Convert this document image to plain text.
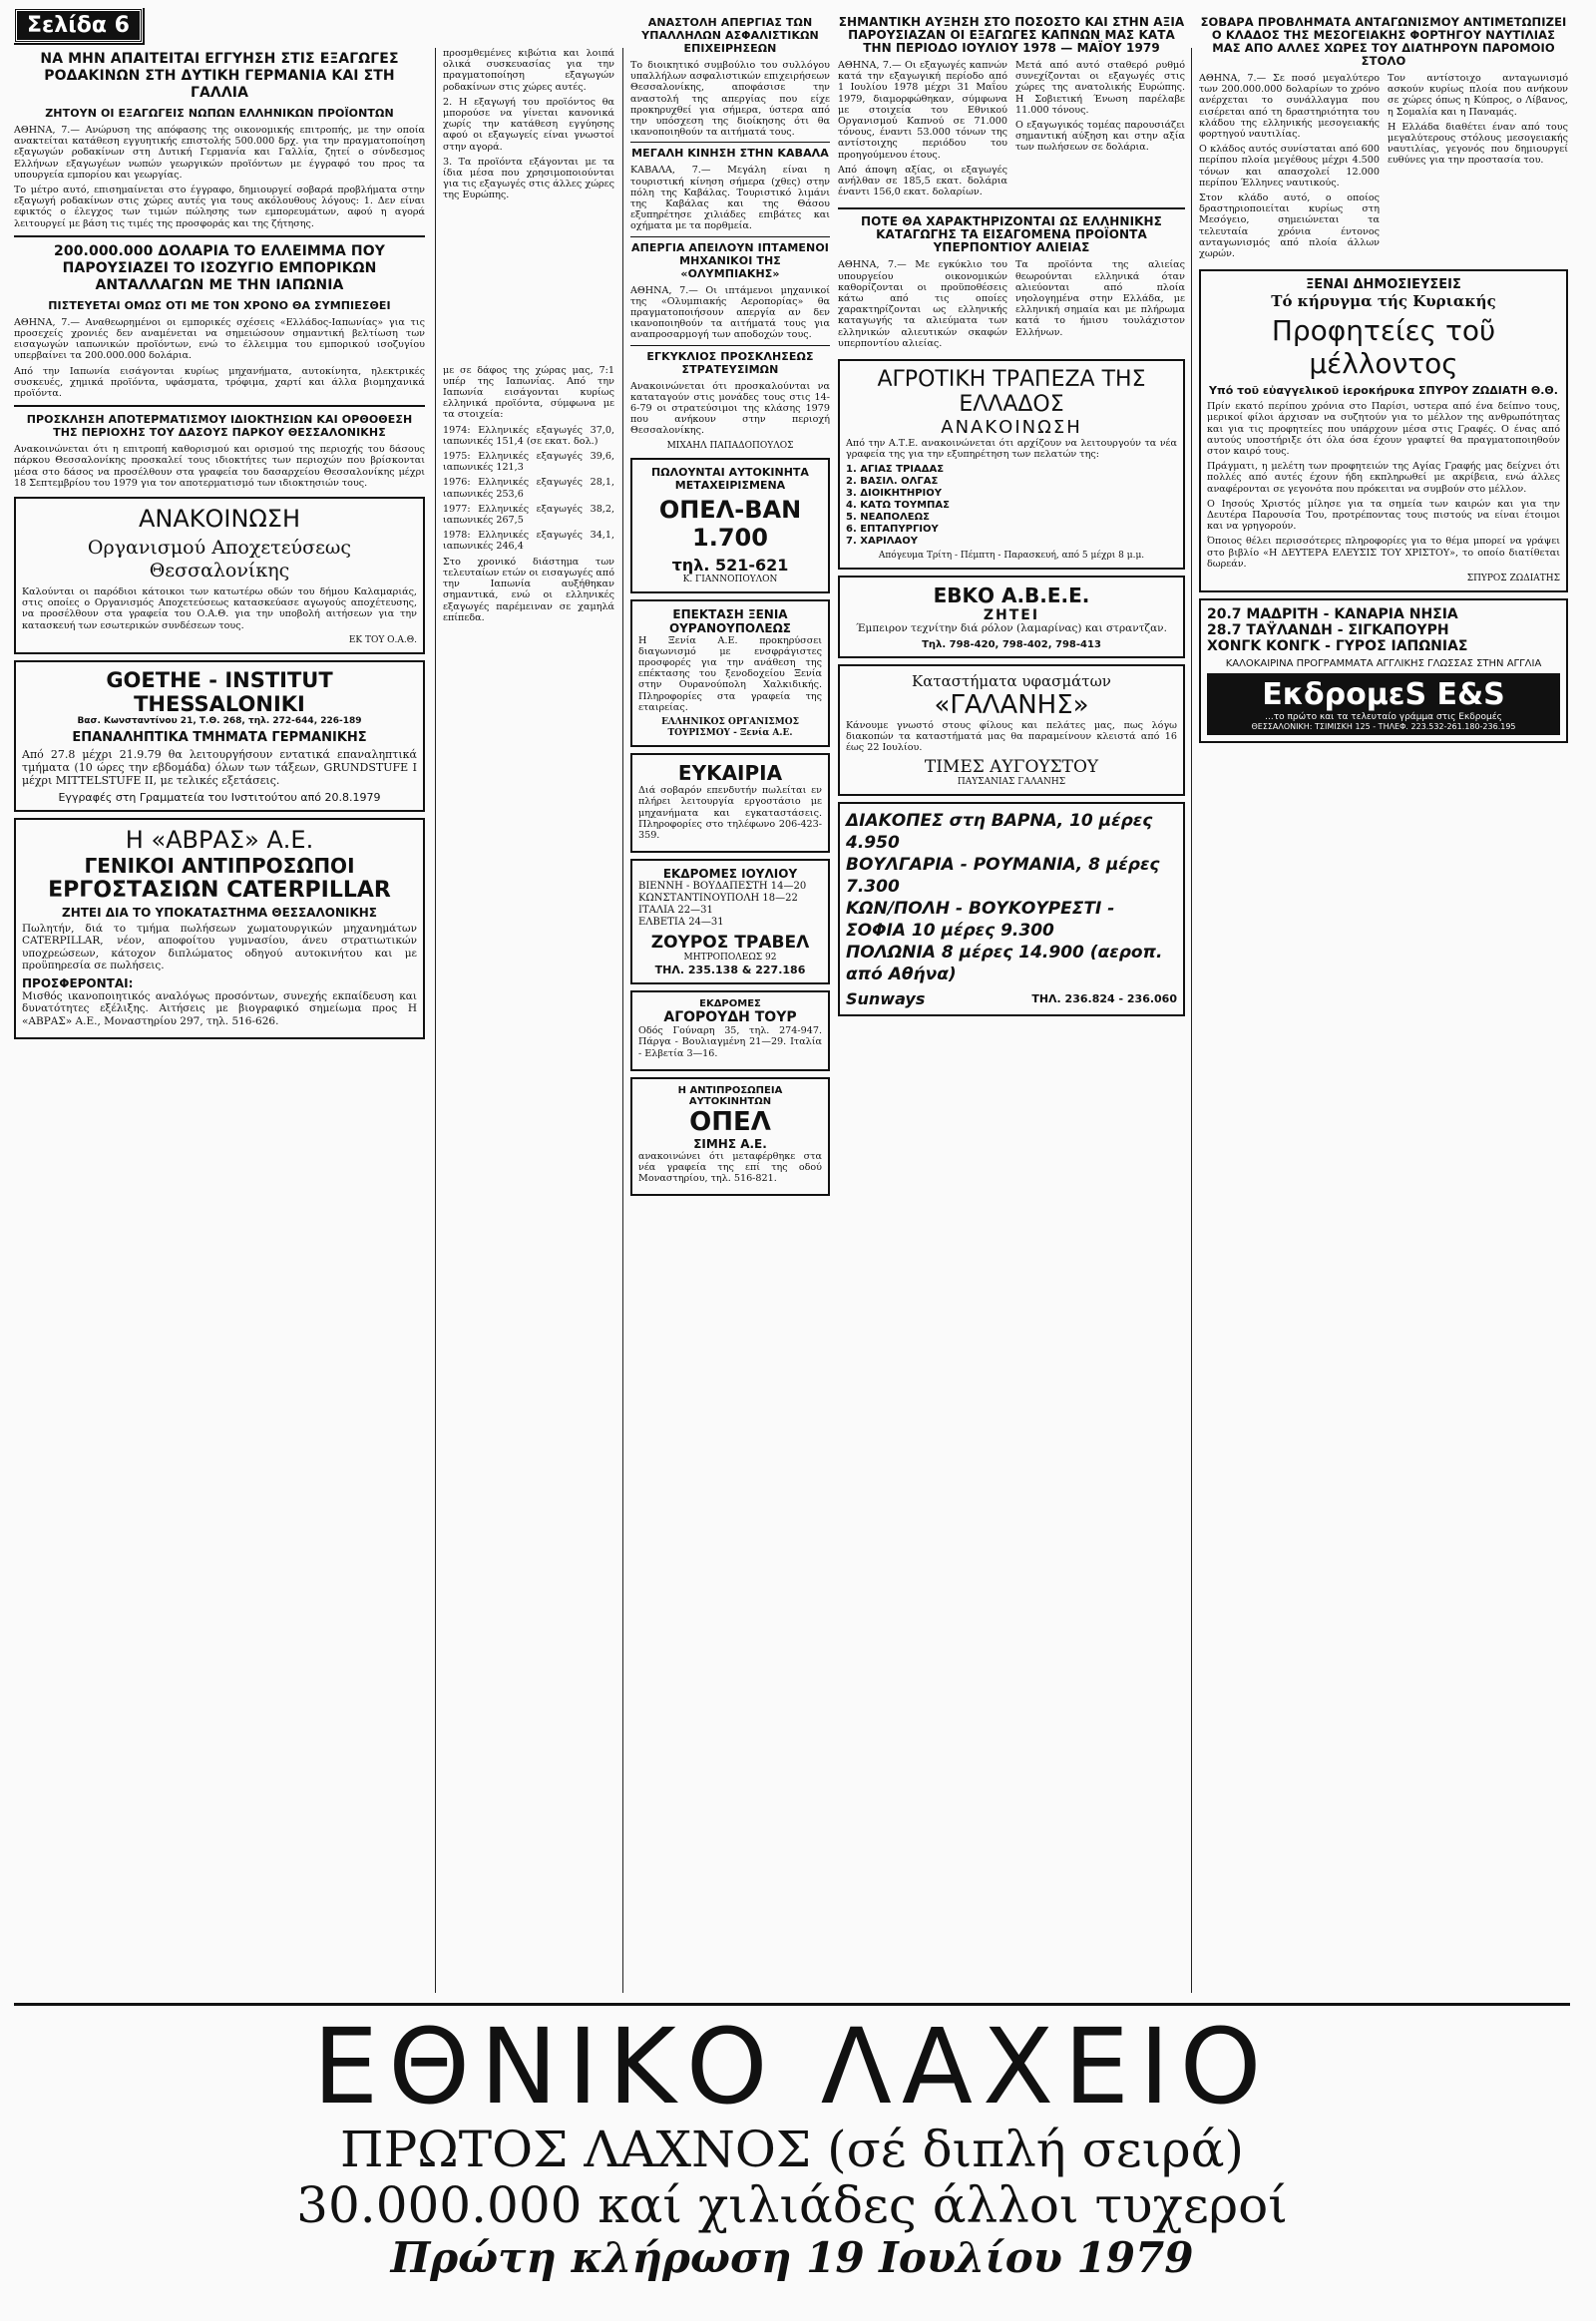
Σελίδα 6
ΝΑ ΜΗΝ ΑΠΑΙΤΕΙΤΑΙ ΕΓΓΥΗΣΗ ΣΤΙΣ ΕΞΑΓΩΓΕΣ ΡΟΔΑΚΙΝΩΝ ΣΤΗ ΔΥΤΙΚΗ ΓΕΡΜΑΝΙΑ ΚΑΙ ΣΤΗ ΓΑΛΛΙΑ
ΖΗΤΟΥΝ ΟΙ ΕΞΑΓΩΓΕΙΣ ΝΩΠΩΝ ΕΛΛΗΝΙΚΩΝ ΠΡΟΪΟΝΤΩΝ

ΑΘΗΝΑ, 7.— Ανώρυση της απόφασης της οικονομικής επιτροπής, με την οποία ανακτείται κατάθεση εγγυητικής επιστολής 500.000 δρχ. για την πραγματοποίηση εξαγωγών ροδακίνων στη Δυτική Γερμανία και Γαλλία, ζητεί ο σύνδεσμος Ελλήνων εξαγωγέων νωπών γεωργικών προϊόντων με έγγραφό του προς τα υπουργεία εμπορίου και γεωργίας.

Το μέτρο αυτό, επισημαίνεται στο έγγραφο, δημιουργεί σοβαρά προβλήματα στην εξαγωγή ροδακίνων στις χώρες αυτές για τους ακόλουθους λόγους: 1. Δεν είναι εφικτός ο έλεγχος των τιμών πώλησης των εμπορευμάτων, αφού η αγορά λειτουργεί με βάση τις τιμές της προσφοράς και της ζήτησης.

200.000.000 ΔΟΛΑΡΙΑ ΤΟ ΕΛΛΕΙΜΜΑ ΠΟΥ ΠΑΡΟΥΣΙΑΖΕΙ ΤΟ ΙΣΟΖΥΓΙΟ ΕΜΠΟΡΙΚΩΝ ΑΝΤΑΛΛΑΓΩΝ ΜΕ ΤΗΝ ΙΑΠΩΝΙΑ
ΠΙΣΤΕΥΕΤΑΙ ΟΜΩΣ ΟΤΙ ΜΕ ΤΟΝ ΧΡΟΝΟ ΘΑ ΣΥΜΠΙΕΣΘΕΙ

ΑΘΗΝΑ, 7.— Αναθεωρημένοι οι εμπορικές σχέσεις «Ελλάδος-Ιαπωνίας» για τις προσεχείς χρονιές δεν αναμένεται να σημειώσουν σημαντική βελτίωση των εισαγωγών ιαπωνικών προϊόντων, ενώ το έλλειμμα του εμπορικού ισοζυγίου υπερβαίνει τα 200.000.000 δολάρια.

Από την Ιαπωνία εισάγονται κυρίως μηχανήματα, αυτοκίνητα, ηλεκτρικές συσκευές, χημικά προϊόντα, υφάσματα, τρόφιμα, χαρτί και άλλα βιομηχανικά προϊόντα.

ΠΡΟΣΚΛΗΣΗ ΑΠΟΤΕΡΜΑΤΙΣΜΟΥ ΙΔΙΟΚΤΗΣΙΩΝ ΚΑΙ ΟΡΘΟΘΕΣΗ ΤΗΣ ΠΕΡΙΟΧΗΣ ΤΟΥ ΔΑΣΟΥΣ ΠΑΡΚΟΥ ΘΕΣΣΑΛΟΝΙΚΗΣ

Ανακοινώνεται ότι η επιτροπή καθορισμού και ορισμού της περιοχής του δάσους πάρκου Θεσσαλονίκης προσκαλεί τους ιδιοκτήτες των περιοχών που βρίσκονται μέσα στο δάσος να προσέλθουν στα γραφεία του δασαρχείου Θεσσαλονίκης μέχρι 18 Σεπτεμβρίου του 1979 για τον αποτερματισμό των ιδιοκτησιών τους.

ΑΝΑΚΟΙΝΩΣΗ
Οργανισμού Αποχετεύσεως Θεσσαλονίκης

Καλούνται οι παρόδιοι κάτοικοι των κατωτέρω οδών του δήμου Καλαμαριάς, στις οποίες ο Οργανισμός Αποχετεύσεως κατασκεύασε αγωγούς αποχέτευσης, να προσέλθουν στα γραφεία του Ο.Α.Θ. για την υποβολή αιτήσεων για την κατασκευή των εσωτερικών συνδέσεων τους.

ΕΚ ΤΟΥ Ο.Α.Θ.
GOETHE - INSTITUT THESSALONIKI
Βασ. Κωνσταντίνου 21, Τ.Θ. 268, τηλ. 272-644, 226-189
ΕΠΑΝΑΛΗΠΤΙΚΑ ΤΜΗΜΑΤΑ ΓΕΡΜΑΝΙΚΗΣ

Από 27.8 μέχρι 21.9.79 θα λειτουργήσουν εντατικά επαναληπτικά τμήματα (10 ώρες την εβδομάδα) όλων των τάξεων, GRUNDSTUFE I μέχρι MITTELSTUFE II, με τελικές εξετάσεις.

Εγγραφές στη Γραμματεία του Ινστιτούτου από 20.8.1979
Η «ΑΒΡΑΣ» Α.Ε.
ΓΕΝΙΚΟΙ ΑΝΤΙΠΡΟΣΩΠΟΙ
ΕΡΓΟΣΤΑΣΙΩΝ CATERPILLAR
ΖΗΤΕΙ ΔΙΑ ΤΟ ΥΠΟΚΑΤΑΣΤΗΜΑ ΘΕΣΣΑΛΟΝΙΚΗΣ

Πωλητήν, διά το τμήμα πωλήσεων χωματουργικών μηχανημάτων CATERPILLAR, νέον, αποφοίτου γυμνασίου, άνευ στρατιωτικών υποχρεώσεων, κάτοχον διπλώματος οδηγού αυτοκινήτου και με προϋπηρεσία σε πωλήσεις.

ΠΡΟΣΦΕΡΟΝΤΑΙ:

Μισθός ικανοποιητικός αναλόγως προσόντων, συνεχής εκπαίδευση και δυνατότητες εξέλιξης. Αιτήσεις με βιογραφικό σημείωμα προς Η «ΑΒΡΑΣ» Α.Ε., Μοναστηρίου 297, τηλ. 516-626.

προσμθεμένες κιβώτια και λοιπά ολικά συσκευασίας για την πραγματοποίηση εξαγωγών ροδακίνων στις χώρες αυτές.

2. Η εξαγωγή του προϊόντος θα μπορούσε να γίνεται κανονικά χωρίς την κατάθεση εγγύησης αφού οι εξαγωγείς είναι γνωστοί στην αγορά.

3. Τα προϊόντα εξάγονται με τα ίδια μέσα που χρησιμοποιούνται για τις εξαγωγές στις άλλες χώρες της Ευρώπης.

με σε δάφος της χώρας μας, 7:1 υπέρ της Ιαπωνίας. Από την Ιαπωνία εισάγονται κυρίως ελληνικά προϊόντα, σύμφωνα με τα στοιχεία:

1974: Ελληνικές εξαγωγές 37,0, ιαπωνικές 151,4 (σε εκατ. δολ.)

1975: Ελληνικές εξαγωγές 39,6, ιαπωνικές 121,3

1976: Ελληνικές εξαγωγές 28,1, ιαπωνικές 253,6

1977: Ελληνικές εξαγωγές 38,2, ιαπωνικές 267,5

1978: Ελληνικές εξαγωγές 34,1, ιαπωνικές 246,4

Στο χρονικό διάστημα των τελευταίων ετών οι εισαγωγές από την Ιαπωνία αυξήθηκαν σημαντικά, ενώ οι ελληνικές εξαγωγές παρέμειναν σε χαμηλά επίπεδα.

ΑΝΑΣΤΟΛΗ ΑΠΕΡΓΙΑΣ ΤΩΝ ΥΠΑΛΛΗΛΩΝ ΑΣΦΑΛΙΣΤΙΚΩΝ ΕΠΙΧΕΙΡΗΣΕΩΝ

Το διοικητικό συμβούλιο του συλλόγου υπαλλήλων ασφαλιστικών επιχειρήσεων Θεσσαλονίκης, αποφάσισε την αναστολή της απεργίας που είχε προκηρυχθεί για σήμερα, ύστερα από την υπόσχεση της διοίκησης ότι θα ικανοποιηθούν τα αιτήματά τους.

ΜΕΓΑΛΗ ΚΙΝΗΣΗ ΣΤΗΝ ΚΑΒΑΛΑ

ΚΑΒΑΛΑ, 7.— Μεγάλη είναι η τουριστική κίνηση σήμερα (χθες) στην πόλη της Καβάλας. Τουριστικό λιμάνι της Καβάλας και της Θάσου εξυπηρέτησε χιλιάδες επιβάτες και οχήματα με τα πορθμεία.

ΑΠΕΡΓΙΑ ΑΠΕΙΛΟΥΝ ΙΠΤΑΜΕΝΟΙ ΜΗΧΑΝΙΚΟΙ ΤΗΣ «ΟΛΥΜΠΙΑΚΗΣ»

ΑΘΗΝΑ, 7.— Οι ιπτάμενοι μηχανικοί της «Ολυμπιακής Αεροπορίας» θα πραγματοποιήσουν απεργία αν δεν ικανοποιηθούν τα αιτήματά τους για αναπροσαρμογή των αποδοχών τους.

ΕΓΚΥΚΛΙΟΣ ΠΡΟΣΚΛΗΣΕΩΣ ΣΤΡΑΤΕΥΣΙΜΩΝ

Ανακοινώνεται ότι προσκαλούνται να καταταγούν στις μονάδες τους στις 14-6-79 οι στρατεύσιμοι της κλάσης 1979 που ανήκουν στην περιοχή Θεσσαλονίκης.

ΜΙΧΑΗΛ ΠΑΠΑΔΟΠΟΥΛΟΣ
ΠΩΛΟΥΝΤΑΙ ΑΥΤΟΚΙΝΗΤΑ ΜΕΤΑΧΕΙΡΙΣΜΕΝΑ
ΟΠΕΛ-ΒΑΝ 1.700
τηλ. 521-621
Κ. ΓΙΑΝΝΟΠΟΥΛΟΝ
ΕΠΕΚΤΑΣΗ ΞΕΝΙΑ ΟΥΡΑΝΟΥΠΟΛΕΩΣ

Η Ξενία Α.Ε. προκηρύσσει διαγωνισμό με ενσφράγιστες προσφορές για την ανάθεση της επέκτασης του ξενοδοχείου Ξενία στην Ουρανούπολη Χαλκιδικής. Πληροφορίες στα γραφεία της εταιρείας.

ΕΛΛΗΝΙΚΟΣ ΟΡΓΑΝΙΣΜΟΣ ΤΟΥΡΙΣΜΟΥ - Ξενία Α.Ε.
ΕΥΚΑΙΡΙΑ

Διά σοβαρόν επενδυτήν πωλείται εν πλήρει λειτουργία εργοστάσιο με μηχανήματα και εγκαταστάσεις. Πληροφορίες στο τηλέφωνο 206-423-359.

ΕΚΔΡΟΜΕΣ ΙΟΥΛΙΟΥ
ΒΙΕΝΝΗ - ΒΟΥΔΑΠΕΣΤΗ 14—20
ΚΩΝΣΤΑΝΤΙΝΟΥΠΟΛΗ 18—22
ΙΤΑΛΙΑ 22—31
ΕΛΒΕΤΙΑ 24—31
ΖΟΥΡΟΣ ΤΡΑΒΕΛ
ΜΗΤΡΟΠΟΛΕΩΣ 92
ΤΗΛ. 235.138 & 227.186
ΕΚΔΡΟΜΕΣ
ΑΓΟΡΟΥΔΗ ΤΟΥΡ

Οδός Γούναρη 35, τηλ. 274-947. Πάργα - Βουλιαγμένη 21—29. Ιταλία - Ελβετία 3—16.

Η ΑΝΤΙΠΡΟΣΩΠΕΙΑ ΑΥΤΟΚΙΝΗΤΩΝ
ΟΠΕΛ
ΣΙΜΗΣ Α.Ε.

ανακοινώνει ότι μεταφέρθηκε στα νέα γραφεία της επί της οδού Μοναστηρίου, τηλ. 516-821.

ΣΗΜΑΝΤΙΚΗ ΑΥΞΗΣΗ ΣΤΟ ΠΟΣΟΣΤΟ ΚΑΙ ΣΤΗΝ ΑΞΙΑ ΠΑΡΟΥΣΙΑΖΑΝ ΟΙ ΕΞΑΓΩΓΕΣ ΚΑΠΝΩΝ ΜΑΣ ΚΑΤΑ ΤΗΝ ΠΕΡΙΟΔΟ ΙΟΥΛΙΟΥ 1978 — ΜΑΪΟΥ 1979

ΑΘΗΝΑ, 7.— Οι εξαγωγές καπνών κατά την εξαγωγική περίοδο από 1 Ιουλίου 1978 μέχρι 31 Μαΐου 1979, διαμορφώθηκαν, σύμφωνα με στοιχεία του Εθνικού Οργανισμού Καπνού σε 71.000 τόνους, έναντι 53.000 τόνων της αντίστοιχης περιόδου του προηγούμενου έτους.

Από άποψη αξίας, οι εξαγωγές ανήλθαν σε 185,5 εκατ. δολάρια έναντι 156,0 εκατ. δολαρίων.

Μετά από αυτό σταθερό ρυθμό συνεχίζονται οι εξαγωγές στις χώρες της ανατολικής Ευρώπης. Η Σοβιετική Ένωση παρέλαβε 11.000 τόνους.

Ο εξαγωγικός τομέας παρουσιάζει σημαντική αύξηση και στην αξία των πωλήσεων σε δολάρια.

ΠΟΤΕ ΘΑ ΧΑΡΑΚΤΗΡΙΖΟΝΤΑΙ ΩΣ ΕΛΛΗΝΙΚΗΣ ΚΑΤΑΓΩΓΗΣ ΤΑ ΕΙΣΑΓΟΜΕΝΑ ΠΡΟΪΟΝΤΑ ΥΠΕΡΠΟΝΤΙΟΥ ΑΛΙΕΙΑΣ

ΑΘΗΝΑ, 7.— Με εγκύκλιο του υπουργείου οικονομικών καθορίζονται οι προϋποθέσεις κάτω από τις οποίες χαρακτηρίζονται ως ελληνικής καταγωγής τα αλιεύματα των ελληνικών αλιευτικών σκαφών υπερποντίου αλιείας.

Τα προϊόντα της αλιείας θεωρούνται ελληνικά όταν αλιεύονται από πλοία νηολογημένα στην Ελλάδα, με ελληνική σημαία και με πλήρωμα κατά το ήμισυ τουλάχιστον Ελλήνων.

ΑΓΡΟΤΙΚΗ ΤΡΑΠΕΖΑ ΤΗΣ ΕΛΛΑΔΟΣ
ΑΝΑΚΟΙΝΩΣΗ

Από την Α.Τ.Ε. ανακοινώνεται ότι αρχίζουν να λειτουργούν τα νέα γραφεία της για την εξυπηρέτηση των πελατών της:

1. ΑΓΙΑΣ ΤΡΙΑΔΑΣ
2. ΒΑΣΙΛ. ΟΛΓΑΣ
3. ΔΙΟΙΚΗΤΗΡΙΟΥ
4. ΚΑΤΩ ΤΟΥΜΠΑΣ
5. ΝΕΑΠΟΛΕΩΣ
6. ΕΠΤΑΠΥΡΓΙΟΥ
7. ΧΑΡΙΛΑΟΥ
Απόγευμα Τρίτη - Πέμπτη - Παρασκευή, από 5 μέχρι 8 μ.μ.
ΕΒΚΟ Α.Β.Ε.Ε.
ΖΗΤΕΙ

Έμπειρον τεχνίτην διά ρόλον (λαμαρίνας) και στραντζαν.

Τηλ. 798-420, 798-402, 798-413
Καταστήματα υφασμάτων
«ΓΑΛΑΝΗΣ»

Κάνουμε γνωστό στους φίλους και πελάτες μας, πως λόγω διακοπών τα καταστήματά μας θα παραμείνουν κλειστά από 16 έως 22 Ιουλίου.

ΤΙΜΕΣ ΑΥΓΟΥΣΤΟΥ
ΠΑΥΣΑΝΙΑΣ ΓΑΛΑΝΗΣ
ΔΙΑΚΟΠΕΣ στη ΒΑΡΝΑ, 10 μέρες 4.950
ΒΟΥΛΓΑΡΙΑ - ΡΟΥΜΑΝΙΑ, 8 μέρες 7.300
ΚΩΝ/ΠΟΛΗ - ΒΟΥΚΟΥΡΕΣΤΙ - ΣΟΦΙΑ 10 μέρες 9.300
ΠΟΛΩΝΙΑ 8 μέρες 14.900 (αεροπ. από Αθήνα)
Sunways	ΤΗΛ. 236.824 - 236.060
ΣΟΒΑΡΑ ΠΡΟΒΛΗΜΑΤΑ ΑΝΤΑΓΩΝΙΣΜΟΥ ΑΝΤΙΜΕΤΩΠΙΖΕΙ Ο ΚΛΑΔΟΣ ΤΗΣ ΜΕΣΟΓΕΙΑΚΗΣ ΦΟΡΤΗΓΟΥ ΝΑΥΤΙΛΙΑΣ ΜΑΣ ΑΠΟ ΑΛΛΕΣ ΧΩΡΕΣ ΤΟΥ ΔΙΑΤΗΡΟΥΝ ΠΑΡΟΜΟΙΟ ΣΤΟΛΟ

ΑΘΗΝΑ, 7.— Σε ποσό μεγαλύτερο των 200.000.000 δολαρίων το χρόνο ανέρχεται το συνάλλαγμα που εισέρεται από τη δραστηριότητα του κλάδου της ελληνικής μεσογειακής φορτηγού ναυτιλίας.

Ο κλάδος αυτός συνίσταται από 600 περίπου πλοία μεγέθους μέχρι 4.500 τόνων και απασχολεί 12.000 περίπου Έλληνες ναυτικούς.

Στον κλάδο αυτό, ο οποίος δραστηριοποιείται κυρίως στη Μεσόγειο, σημειώνεται τα τελευταία χρόνια έντονος ανταγωνισμός από πλοία άλλων χωρών.

Τον αντίστοιχο ανταγωνισμό ασκούν κυρίως πλοία που ανήκουν σε χώρες όπως η Κύπρος, ο Λίβανος, η Σομαλία και η Παναμάς.

Η Ελλάδα διαθέτει έναν από τους μεγαλύτερους στόλους μεσογειακής ναυτιλίας, γεγονός που δημιουργεί ευθύνες για την προστασία του.

ΞΕΝΑΙ ΔΗΜΟΣΙΕΥΣΕΙΣ
Τό κήρυγμα τής Κυριακής
Προφητείες τοῦ μέλλοντος
Υπό τοῦ εὐαγγελικοῦ ἱεροκήρυκα ΣΠΥΡΟΥ ΖΩΔΙΑΤΗ Θ.Θ.

Πρίν εκατό περίπου χρόνια στο Παρίσι, υστερα από ένα δείπνο τους, μερικοί φίλοι άρχισαν να συζητούν για το μέλλον της ανθρωπότητας και για τις προφητείες που υπάρχουν μέσα στις Γραφές. Ο ένας από αυτούς υποστήριξε ότι όλα όσα έχουν γραφτεί θα πραγματοποιηθούν στον καιρό τους.

Πράγματι, η μελέτη των προφητειών της Αγίας Γραφής μας δείχνει ότι πολλές από αυτές έχουν ήδη εκπληρωθεί με ακρίβεια, ενώ άλλες αναφέρονται σε γεγονότα που πρόκειται να συμβούν στο μέλλον.

Ο Ιησούς Χριστός μίλησε για τα σημεία των καιρών και για την Δευτέρα Παρουσία Του, προτρέποντας τους πιστούς να είναι έτοιμοι και να γρηγορούν.

Όποιος θέλει περισσότερες πληροφορίες για το θέμα μπορεί να γράψει στο βιβλίο «Η ΔΕΥΤΕΡΑ ΕΛΕΥΣΙΣ ΤΟΥ ΧΡΙΣΤΟΥ», το οποίο διατίθεται δωρεάν.

ΣΠΥΡΟΣ ΖΩΔΙΑΤΗΣ
20.7 ΜΑΔΡΙΤΗ - ΚΑΝΑΡΙΑ ΝΗΣΙΑ
28.7 ΤΑΫΛΑΝΔΗ - ΣΙΓΚΑΠΟΥΡΗ
ΧΟΝΓΚ ΚΟΝΓΚ - ΓΥΡΟΣ ΙΑΠΩΝΙΑΣ
ΚΑΛΟΚΑΙΡΙΝΑ ΠΡΟΓΡΑΜΜΑΤΑ ΑΓΓΛΙΚΗΣ ΓΛΩΣΣΑΣ ΣΤΗΝ ΑΓΓΛΙΑ
ΕκδρομεS E&S
...το πρώτο και τα τελευταίο γράμμα στις Εκδρομές
ΘΕΣΣΑΛΟΝΙΚΗ: ΤΣΙΜΙΣΚΗ 125 - ΤΗΛΕΦ. 223.532-261.180-236.195
ΕΘΝΙΚΟ ΛΑΧΕΙΟ
ΠΡΩΤΟΣ ΛΑΧΝΟΣ (σέ διπλή σειρά)
30.000.000 καί χιλιάδες άλλοι τυχεροί
Πρώτη κλήρωση 19 Ιουλίου 1979
